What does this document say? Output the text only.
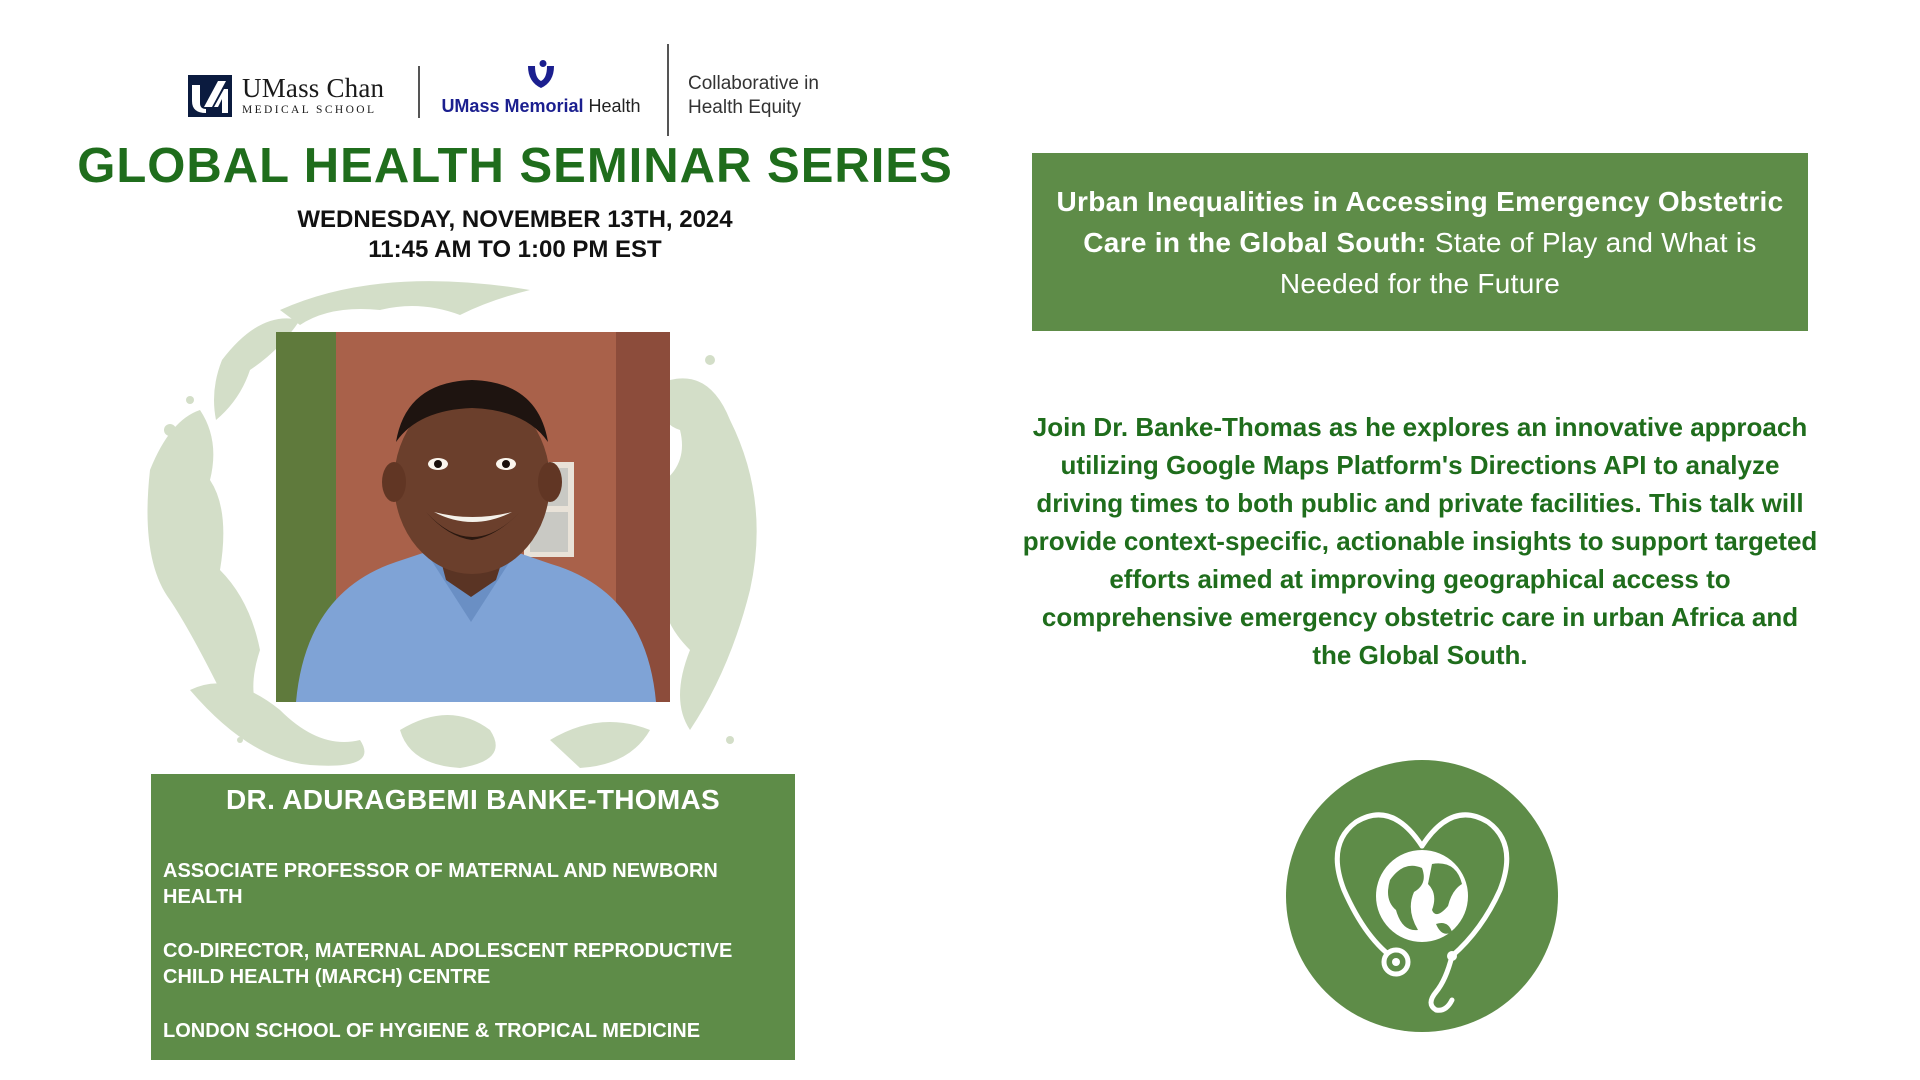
UMass Chan
MEDICAL SCHOOL	UMass Memorial Health
Collaborative in
Health Equity
GLOBAL HEALTH SEMINAR SERIES
WEDNESDAY, NOVEMBER 13TH, 2024
11:45 AM TO 1:00 PM EST
DR. ADURAGBEMI BANKE-THOMAS
ASSOCIATE PROFESSOR OF MATERNAL AND NEWBORN HEALTH
CO-DIRECTOR, MATERNAL ADOLESCENT REPRODUCTIVE CHILD HEALTH (MARCH) CENTRE
LONDON SCHOOL OF HYGIENE & TROPICAL MEDICINE
Urban Inequalities in Accessing Emergency Obstetric Care in the Global South: State of Play and What is Needed for the Future
Join Dr. Banke-Thomas as he explores an innovative approach utilizing Google Maps Platform's Directions API to analyze driving times to both public and private facilities. This talk will provide context-specific, actionable insights to support targeted efforts aimed at improving geographical access to comprehensive emergency obstetric care in urban Africa and the Global South.
